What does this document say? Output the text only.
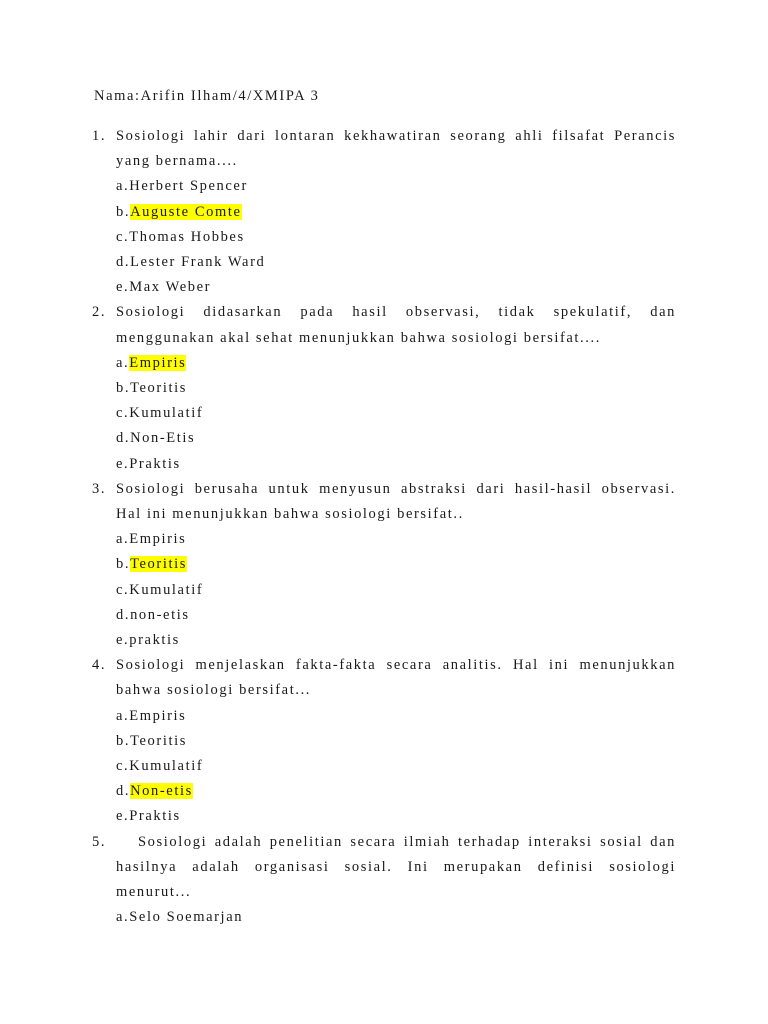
Nama:Arifin Ilham/4/XMIPA 3
1. Sosiologi lahir dari lontaran kekhawatiran seorang ahli filsafat Perancis yang bernama....
a.Herbert Spencer
b.Auguste Comte
c.Thomas Hobbes
d.Lester Frank Ward
e.Max Weber
2. Sosiologi didasarkan pada hasil observasi, tidak spekulatif, dan menggunakan akal sehat menunjukkan bahwa sosiologi bersifat....
a.Empiris
b.Teoritis
c.Kumulatif
d.Non-Etis
e.Praktis
3. Sosiologi berusaha untuk menyusun abstraksi dari hasil-hasil observasi. Hal ini menunjukkan bahwa sosiologi bersifat..
a.Empiris
b.Teoritis
c.Kumulatif
d.non-etis
e.praktis
4. Sosiologi menjelaskan fakta-fakta secara analitis. Hal ini menunjukkan bahwa sosiologi bersifat...
a.Empiris
b.Teoritis
c.Kumulatif
d.Non-etis
e.Praktis
5.	Sosiologi adalah penelitian secara ilmiah terhadap interaksi sosial dan hasilnya adalah organisasi sosial. Ini merupakan definisi sosiologi menurut...
a.Selo Soemarjan
